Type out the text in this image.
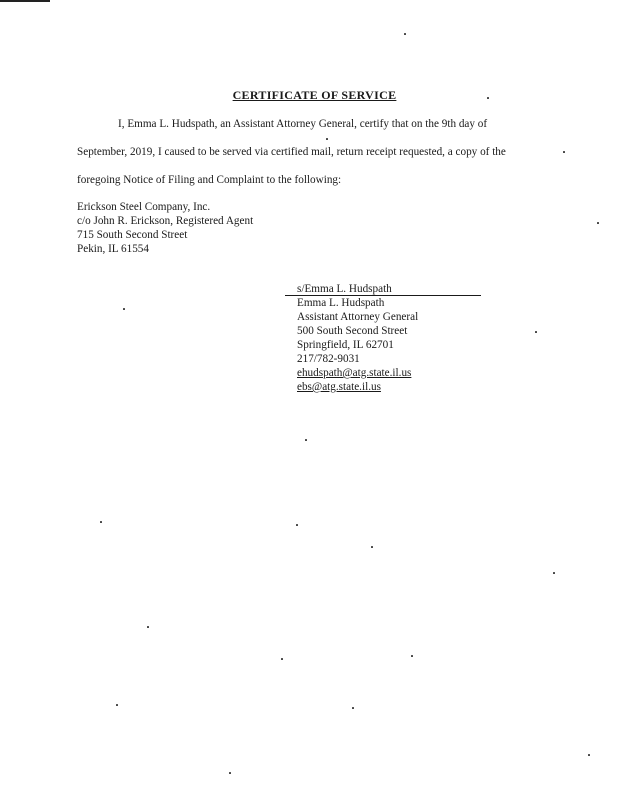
CERTIFICATE OF SERVICE
I, Emma L. Hudspath, an Assistant Attorney General, certify that on the 9th day of
September, 2019, I caused to be served via certified mail, return receipt requested, a copy of the
foregoing Notice of Filing and Complaint to the following:
Erickson Steel Company, Inc.
c/o John R. Erickson, Registered Agent
715 South Second Street
Pekin, IL 61554
s/Emma L. Hudspath
Emma L. Hudspath
Assistant Attorney General
500 South Second Street
Springfield, IL 62701
217/782-9031
ehudspath@atg.state.il.us
ebs@atg.state.il.us
